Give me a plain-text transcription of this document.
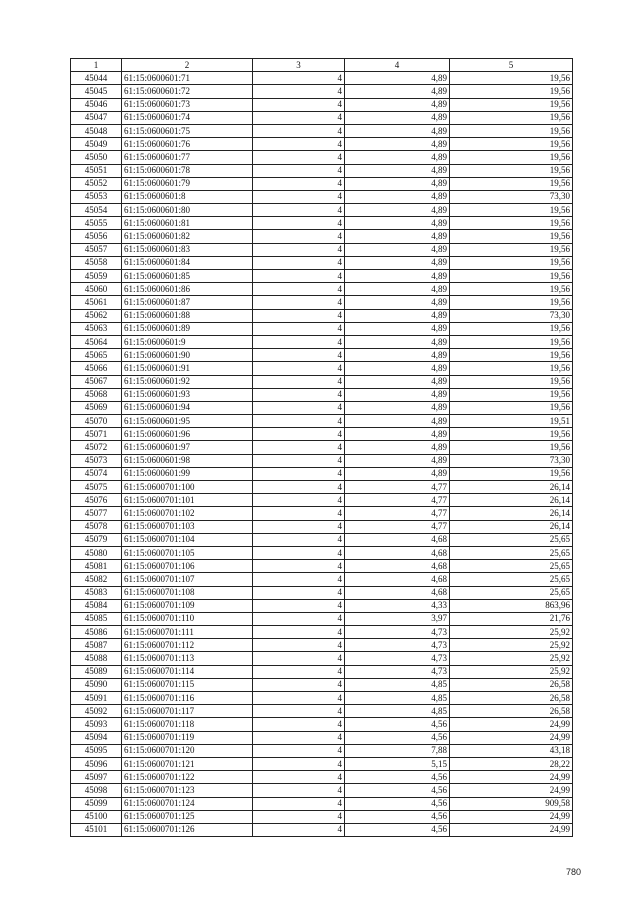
1	2	3	4	5
45044	61:15:0600601:71	4	4,89	19,56
45045	61:15:0600601:72	4	4,89	19,56
45046	61:15:0600601:73	4	4,89	19,56
45047	61:15:0600601:74	4	4,89	19,56
45048	61:15:0600601:75	4	4,89	19,56
45049	61:15:0600601:76	4	4,89	19,56
45050	61:15:0600601:77	4	4,89	19,56
45051	61:15:0600601:78	4	4,89	19,56
45052	61:15:0600601:79	4	4,89	19,56
45053	61:15:0600601:8	4	4,89	73,30
45054	61:15:0600601:80	4	4,89	19,56
45055	61:15:0600601:81	4	4,89	19,56
45056	61:15:0600601:82	4	4,89	19,56
45057	61:15:0600601:83	4	4,89	19,56
45058	61:15:0600601:84	4	4,89	19,56
45059	61:15:0600601:85	4	4,89	19,56
45060	61:15:0600601:86	4	4,89	19,56
45061	61:15:0600601:87	4	4,89	19,56
45062	61:15:0600601:88	4	4,89	73,30
45063	61:15:0600601:89	4	4,89	19,56
45064	61:15:0600601:9	4	4,89	19,56
45065	61:15:0600601:90	4	4,89	19,56
45066	61:15:0600601:91	4	4,89	19,56
45067	61:15:0600601:92	4	4,89	19,56
45068	61:15:0600601:93	4	4,89	19,56
45069	61:15:0600601:94	4	4,89	19,56
45070	61:15:0600601:95	4	4,89	19,51
45071	61:15:0600601:96	4	4,89	19,56
45072	61:15:0600601:97	4	4,89	19,56
45073	61:15:0600601:98	4	4,89	73,30
45074	61:15:0600601:99	4	4,89	19,56
45075	61:15:0600701:100	4	4,77	26,14
45076	61:15:0600701:101	4	4,77	26,14
45077	61:15:0600701:102	4	4,77	26,14
45078	61:15:0600701:103	4	4,77	26,14
45079	61:15:0600701:104	4	4,68	25,65
45080	61:15:0600701:105	4	4,68	25,65
45081	61:15:0600701:106	4	4,68	25,65
45082	61:15:0600701:107	4	4,68	25,65
45083	61:15:0600701:108	4	4,68	25,65
45084	61:15:0600701:109	4	4,33	863,96
45085	61:15:0600701:110	4	3,97	21,76
45086	61:15:0600701:111	4	4,73	25,92
45087	61:15:0600701:112	4	4,73	25,92
45088	61:15:0600701:113	4	4,73	25,92
45089	61:15:0600701:114	4	4,73	25,92
45090	61:15:0600701:115	4	4,85	26,58
45091	61:15:0600701:116	4	4,85	26,58
45092	61:15:0600701:117	4	4,85	26,58
45093	61:15:0600701:118	4	4,56	24,99
45094	61:15:0600701:119	4	4,56	24,99
45095	61:15:0600701:120	4	7,88	43,18
45096	61:15:0600701:121	4	5,15	28,22
45097	61:15:0600701:122	4	4,56	24,99
45098	61:15:0600701:123	4	4,56	24,99
45099	61:15:0600701:124	4	4,56	909,58
45100	61:15:0600701:125	4	4,56	24,99
45101	61:15:0600701:126	4	4,56	24,99
780
